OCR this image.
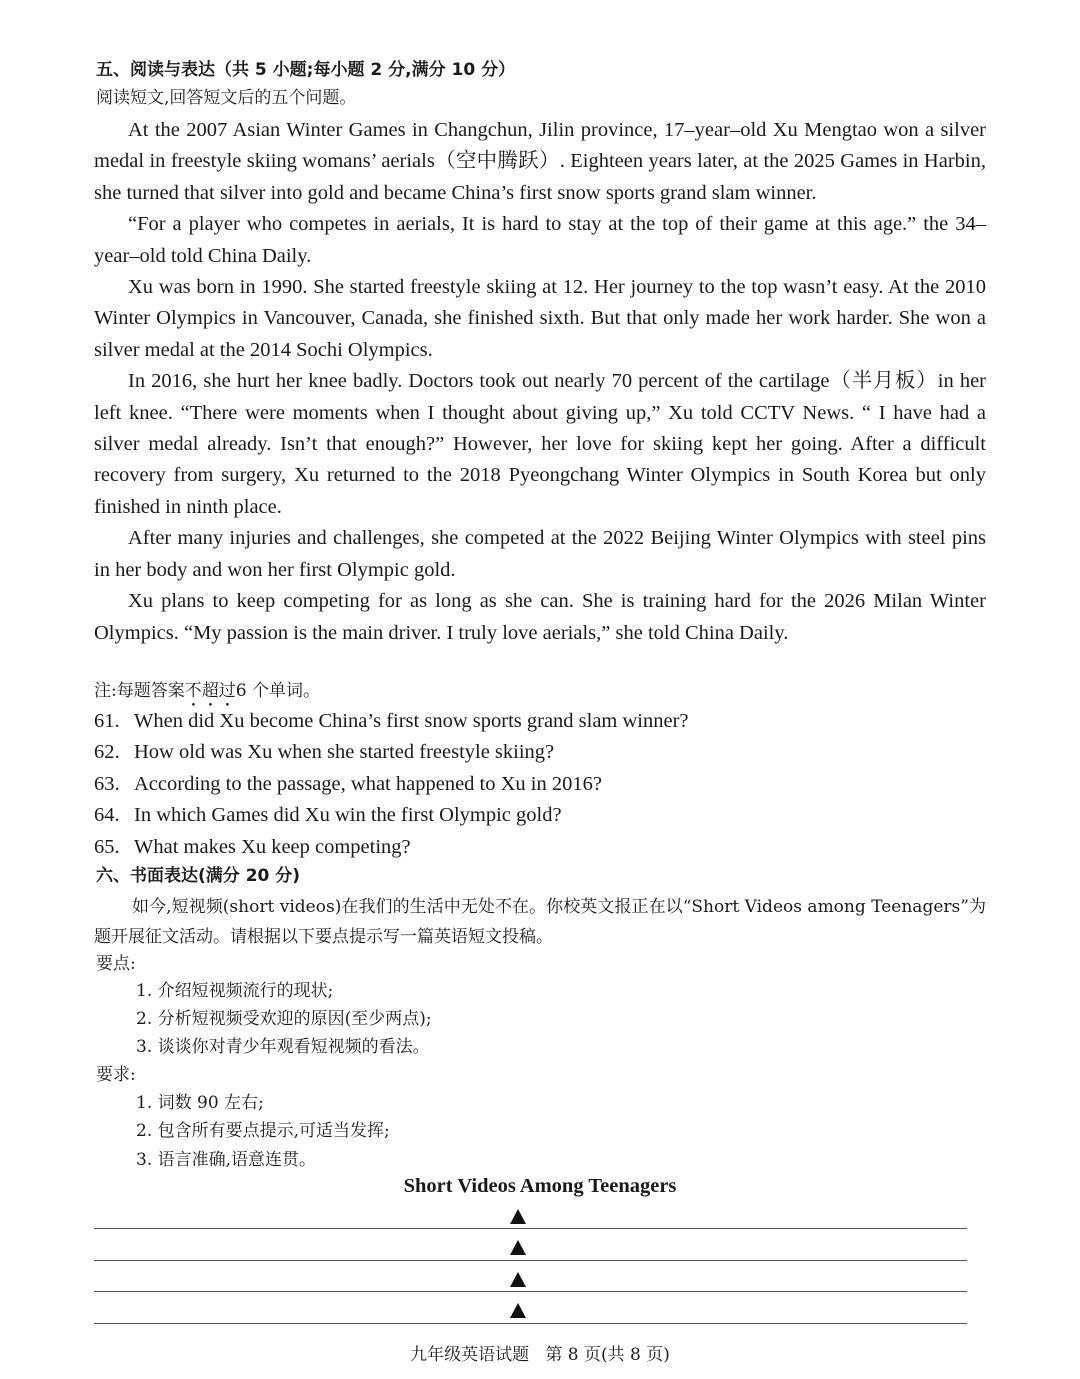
五、阅读与表达（共 5 小题;每小题 2 分,满分 10 分）
阅读短文,回答短文后的五个问题。

At the 2007 Asian Winter Games in Changchun, Jilin province, 17–year–old Xu Mengtao won a silver medal in freestyle skiing womans’ aerials（空中腾跃）. Eighteen years later, at the 2025 Games in Harbin, she turned that silver into gold and became China’s first snow sports grand slam winner.

“For a player who competes in aerials, It is hard to stay at the top of their game at this age.” the 34–year–old told China Daily.

Xu was born in 1990. She started freestyle skiing at 12. Her journey to the top wasn’t easy. At the 2010 Winter Olympics in Vancouver, Canada, she finished sixth. But that only made her work harder. She won a silver medal at the 2014 Sochi Olympics.

In 2016, she hurt her knee badly. Doctors took out nearly 70 percent of the cartilage（半月板）in her left knee. “There were moments when I thought about giving up,” Xu told CCTV News. “ I have had a silver medal already. Isn’t that enough?” However, her love for skiing kept her going. After a difficult recovery from surgery, Xu returned to the 2018 Pyeongchang Winter Olympics in South Korea but only finished in ninth place.

After many injuries and challenges, she competed at the 2022 Beijing Winter Olympics with steel pins in her body and won her first Olympic gold.

Xu plans to keep competing for as long as she can. She is training hard for the 2026 Milan Winter Olympics. “My passion is the main driver. I truly love aerials,” she told China Daily.

注:每题答案不超过6 个单词。
61. When did Xu become China’s first snow sports grand slam winner?
62. How old was Xu when she started freestyle skiing?
63. According to the passage, what happened to Xu in 2016?
64. In which Games did Xu win the first Olympic gold?
65. What makes Xu keep competing?
六、书面表达(满分 20 分)

如今,短视频(short videos)在我们的生活中无处不在。你校英文报正在以“Short Videos among Teenagers”为题开展征文活动。请根据以下要点提示写一篇英语短文投稿。

要点:
1. 介绍短视频流行的现状;
2. 分析短视频受欢迎的原因(至少两点);
3. 谈谈你对青少年观看短视频的看法。
要求:
1. 词数 90 左右;
2. 包含所有要点提示,可适当发挥;
3. 语言准确,语意连贯。
Short Videos Among Teenagers
九年级英语试题   第 8 页(共 8 页)
